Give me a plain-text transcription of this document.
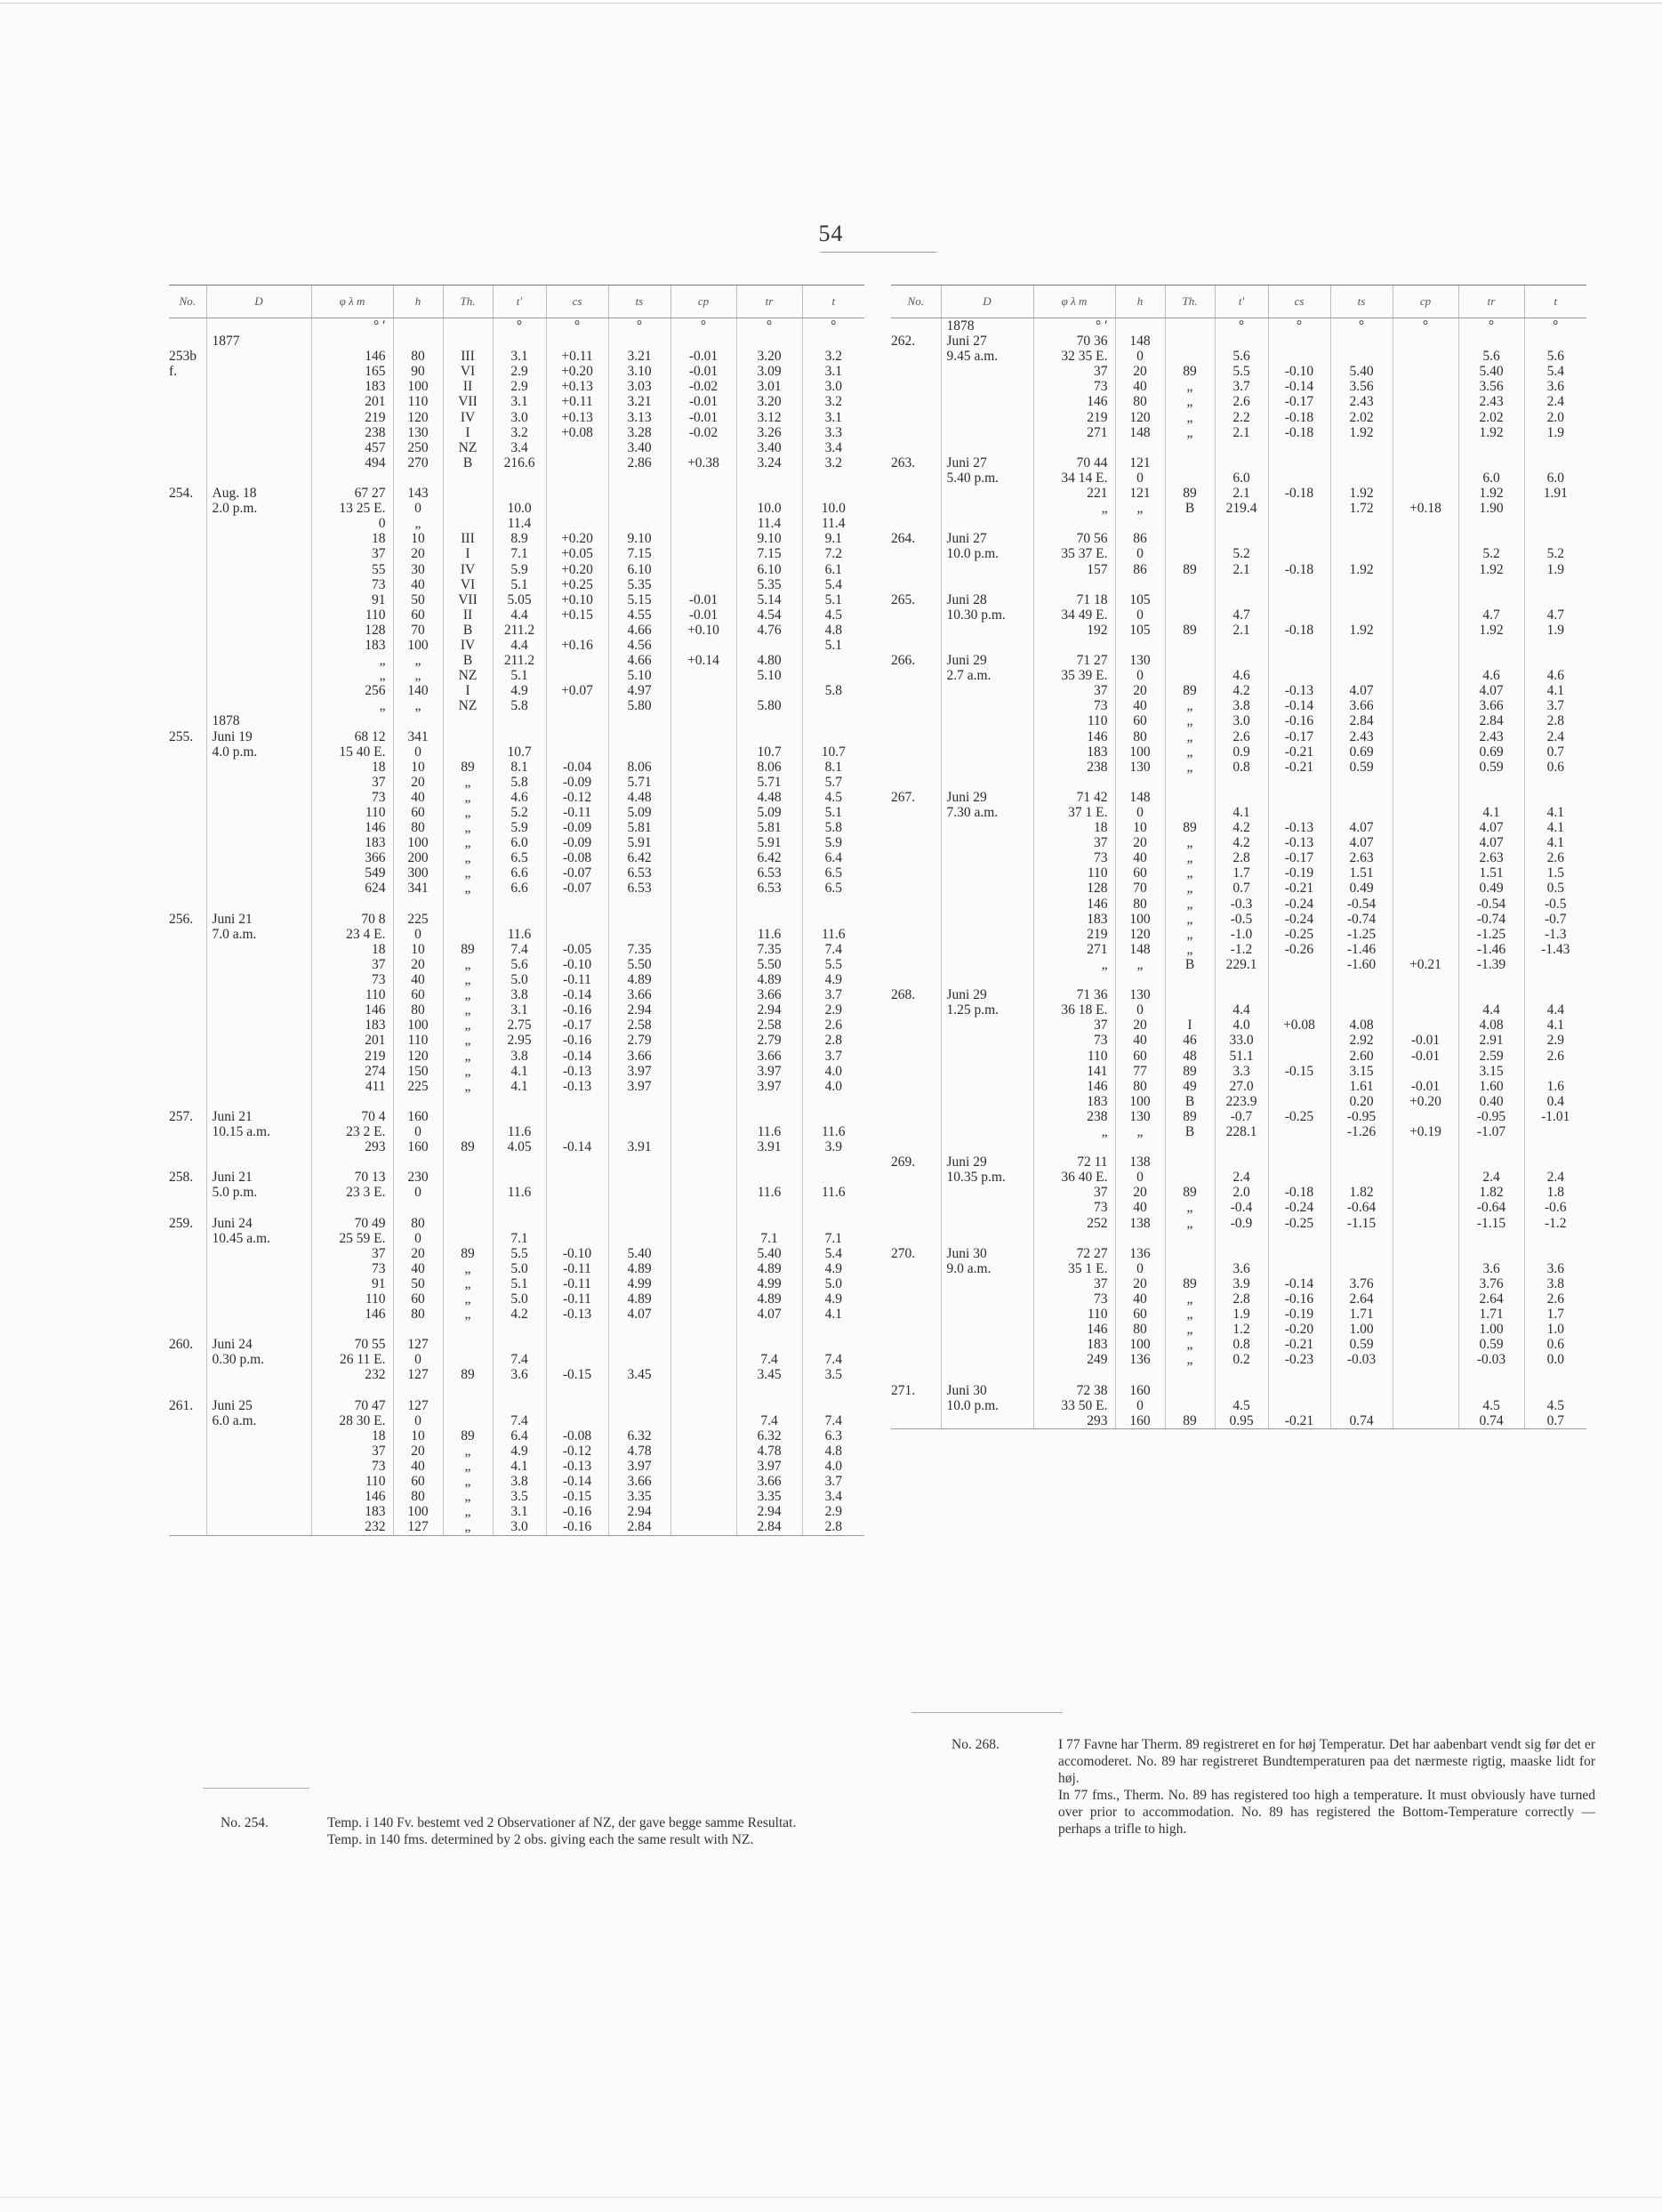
54
No.	D	φ λ m	h	Th.	t'	cs	ts	cp	tr	t
		° ′			°	°	°	°	°	°
	1877									
253b		146	80	III	3.1	+0.11	3.21	-0.01	3.20	3.2
f.		165	90	VI	2.9	+0.20	3.10	-0.01	3.09	3.1
		183	100	II	2.9	+0.13	3.03	-0.02	3.01	3.0
		201	110	VII	3.1	+0.11	3.21	-0.01	3.20	3.2
		219	120	IV	3.0	+0.13	3.13	-0.01	3.12	3.1
		238	130	I	3.2	+0.08	3.28	-0.02	3.26	3.3
		457	250	NZ	3.4		3.40		3.40	3.4
		494	270	B	216.6		2.86	+0.38	3.24	3.2

254.	Aug. 18	67 27	143							
	2.0 p.m.	13 25 E.	0		10.0				10.0	10.0
		0	„		11.4				11.4	11.4
		18	10	III	8.9	+0.20	9.10		9.10	9.1
		37	20	I	7.1	+0.05	7.15		7.15	7.2
		55	30	IV	5.9	+0.20	6.10		6.10	6.1
		73	40	VI	5.1	+0.25	5.35		5.35	5.4
		91	50	VII	5.05	+0.10	5.15	-0.01	5.14	5.1
		110	60	II	4.4	+0.15	4.55	-0.01	4.54	4.5
		128	70	B	211.2		4.66	+0.10	4.76	4.8
		183	100	IV	4.4	+0.16	4.56			5.1
		„	„	B	211.2		4.66	+0.14	4.80	
		„	„	NZ	5.1		5.10		5.10	
		256	140	I	4.9	+0.07	4.97			5.8
		„	„	NZ	5.8		5.80		5.80	
	1878									
255.	Juni 19	68 12	341							
	4.0 p.m.	15 40 E.	0		10.7				10.7	10.7
		18	10	89	8.1	-0.04	8.06		8.06	8.1
		37	20	„	5.8	-0.09	5.71		5.71	5.7
		73	40	„	4.6	-0.12	4.48		4.48	4.5
		110	60	„	5.2	-0.11	5.09		5.09	5.1
		146	80	„	5.9	-0.09	5.81		5.81	5.8
		183	100	„	6.0	-0.09	5.91		5.91	5.9
		366	200	„	6.5	-0.08	6.42		6.42	6.4
		549	300	„	6.6	-0.07	6.53		6.53	6.5
		624	341	„	6.6	-0.07	6.53		6.53	6.5

256.	Juni 21	70 8	225							
	7.0 a.m.	23 4 E.	0		11.6				11.6	11.6
		18	10	89	7.4	-0.05	7.35		7.35	7.4
		37	20	„	5.6	-0.10	5.50		5.50	5.5
		73	40	„	5.0	-0.11	4.89		4.89	4.9
		110	60	„	3.8	-0.14	3.66		3.66	3.7
		146	80	„	3.1	-0.16	2.94		2.94	2.9
		183	100	„	2.75	-0.17	2.58		2.58	2.6
		201	110	„	2.95	-0.16	2.79		2.79	2.8
		219	120	„	3.8	-0.14	3.66		3.66	3.7
		274	150	„	4.1	-0.13	3.97		3.97	4.0
		411	225	„	4.1	-0.13	3.97		3.97	4.0

257.	Juni 21	70 4	160							
	10.15 a.m.	23 2 E.	0		11.6				11.6	11.6
		293	160	89	4.05	-0.14	3.91		3.91	3.9

258.	Juni 21	70 13	230							
	5.0 p.m.	23 3 E.	0		11.6				11.6	11.6

259.	Juni 24	70 49	80							
	10.45 a.m.	25 59 E.	0		7.1				7.1	7.1
		37	20	89	5.5	-0.10	5.40		5.40	5.4
		73	40	„	5.0	-0.11	4.89		4.89	4.9
		91	50	„	5.1	-0.11	4.99		4.99	5.0
		110	60	„	5.0	-0.11	4.89		4.89	4.9
		146	80	„	4.2	-0.13	4.07		4.07	4.1

260.	Juni 24	70 55	127							
	0.30 p.m.	26 11 E.	0		7.4				7.4	7.4
		232	127	89	3.6	-0.15	3.45		3.45	3.5

261.	Juni 25	70 47	127							
	6.0 a.m.	28 30 E.	0		7.4				7.4	7.4
		18	10	89	6.4	-0.08	6.32		6.32	6.3
		37	20	„	4.9	-0.12	4.78		4.78	4.8
		73	40	„	4.1	-0.13	3.97		3.97	4.0
		110	60	„	3.8	-0.14	3.66		3.66	3.7
		146	80	„	3.5	-0.15	3.35		3.35	3.4
		183	100	„	3.1	-0.16	2.94		2.94	2.9
		232	127	„	3.0	-0.16	2.84		2.84	2.8
No.	D	φ λ m	h	Th.	t'	cs	ts	cp	tr	t
	1878	° ′			°	°	°	°	°	°
262.	Juni 27	70 36	148							
	9.45 a.m.	32 35 E.	0		5.6				5.6	5.6
		37	20	89	5.5	-0.10	5.40		5.40	5.4
		73	40	„	3.7	-0.14	3.56		3.56	3.6
		146	80	„	2.6	-0.17	2.43		2.43	2.4
		219	120	„	2.2	-0.18	2.02		2.02	2.0
		271	148	„	2.1	-0.18	1.92		1.92	1.9

263.	Juni 27	70 44	121							
	5.40 p.m.	34 14 E.	0		6.0				6.0	6.0
		221	121	89	2.1	-0.18	1.92		1.92	1.91
		„	„	B	219.4		1.72	+0.18	1.90	

264.	Juni 27	70 56	86							
	10.0 p.m.	35 37 E.	0		5.2				5.2	5.2
		157	86	89	2.1	-0.18	1.92		1.92	1.9

265.	Juni 28	71 18	105							
	10.30 p.m.	34 49 E.	0		4.7				4.7	4.7
		192	105	89	2.1	-0.18	1.92		1.92	1.9

266.	Juni 29	71 27	130							
	2.7 a.m.	35 39 E.	0		4.6				4.6	4.6
		37	20	89	4.2	-0.13	4.07		4.07	4.1
		73	40	„	3.8	-0.14	3.66		3.66	3.7
		110	60	„	3.0	-0.16	2.84		2.84	2.8
		146	80	„	2.6	-0.17	2.43		2.43	2.4
		183	100	„	0.9	-0.21	0.69		0.69	0.7
		238	130	„	0.8	-0.21	0.59		0.59	0.6

267.	Juni 29	71 42	148							
	7.30 a.m.	37 1 E.	0		4.1				4.1	4.1
		18	10	89	4.2	-0.13	4.07		4.07	4.1
		37	20	„	4.2	-0.13	4.07		4.07	4.1
		73	40	„	2.8	-0.17	2.63		2.63	2.6
		110	60	„	1.7	-0.19	1.51		1.51	1.5
		128	70	„	0.7	-0.21	0.49		0.49	0.5
		146	80	„	-0.3	-0.24	-0.54		-0.54	-0.5
		183	100	„	-0.5	-0.24	-0.74		-0.74	-0.7
		219	120	„	-1.0	-0.25	-1.25		-1.25	-1.3
		271	148	„	-1.2	-0.26	-1.46		-1.46	-1.43
		„	„	B	229.1		-1.60	+0.21	-1.39	

268.	Juni 29	71 36	130							
	1.25 p.m.	36 18 E.	0		4.4				4.4	4.4
		37	20	I	4.0	+0.08	4.08		4.08	4.1
		73	40	46	33.0		2.92	-0.01	2.91	2.9
		110	60	48	51.1		2.60	-0.01	2.59	2.6
		141	77	89	3.3	-0.15	3.15		3.15	
		146	80	49	27.0		1.61	-0.01	1.60	1.6
		183	100	B	223.9		0.20	+0.20	0.40	0.4
		238	130	89	-0.7	-0.25	-0.95		-0.95	-1.01
		„	„	B	228.1		-1.26	+0.19	-1.07	

269.	Juni 29	72 11	138							
	10.35 p.m.	36 40 E.	0		2.4				2.4	2.4
		37	20	89	2.0	-0.18	1.82		1.82	1.8
		73	40	„	-0.4	-0.24	-0.64		-0.64	-0.6
		252	138	„	-0.9	-0.25	-1.15		-1.15	-1.2

270.	Juni 30	72 27	136							
	9.0 a.m.	35 1 E.	0		3.6				3.6	3.6
		37	20	89	3.9	-0.14	3.76		3.76	3.8
		73	40	„	2.8	-0.16	2.64		2.64	2.6
		110	60	„	1.9	-0.19	1.71		1.71	1.7
		146	80	„	1.2	-0.20	1.00		1.00	1.0
		183	100	„	0.8	-0.21	0.59		0.59	0.6
		249	136	„	0.2	-0.23	-0.03		-0.03	0.0

271.	Juni 30	72 38	160							
	10.0 p.m.	33 50 E.	0		4.5				4.5	4.5
		293	160	89	0.95	-0.21	0.74		0.74	0.7
No. 254.	Temp. i 140 Fv. bestemt ved 2 Observationer af NZ, der gave begge samme Resultat.

Temp. in 140 fms. determined by 2 obs. giving each the same result with NZ.

No. 268.	I 77 Favne har Therm. 89 registreret en for høj Temperatur. Det har aabenbart vendt sig før det er accomoderet. No. 89 har registreret Bundtemperaturen paa det nærmeste rigtig, maaske lidt for høj.

In 77 fms., Therm. No. 89 has registered too high a temperature. It must obviously have turned over prior to accommodation. No. 89 has registered the Bottom-Temperature correctly — perhaps a trifle to high.
